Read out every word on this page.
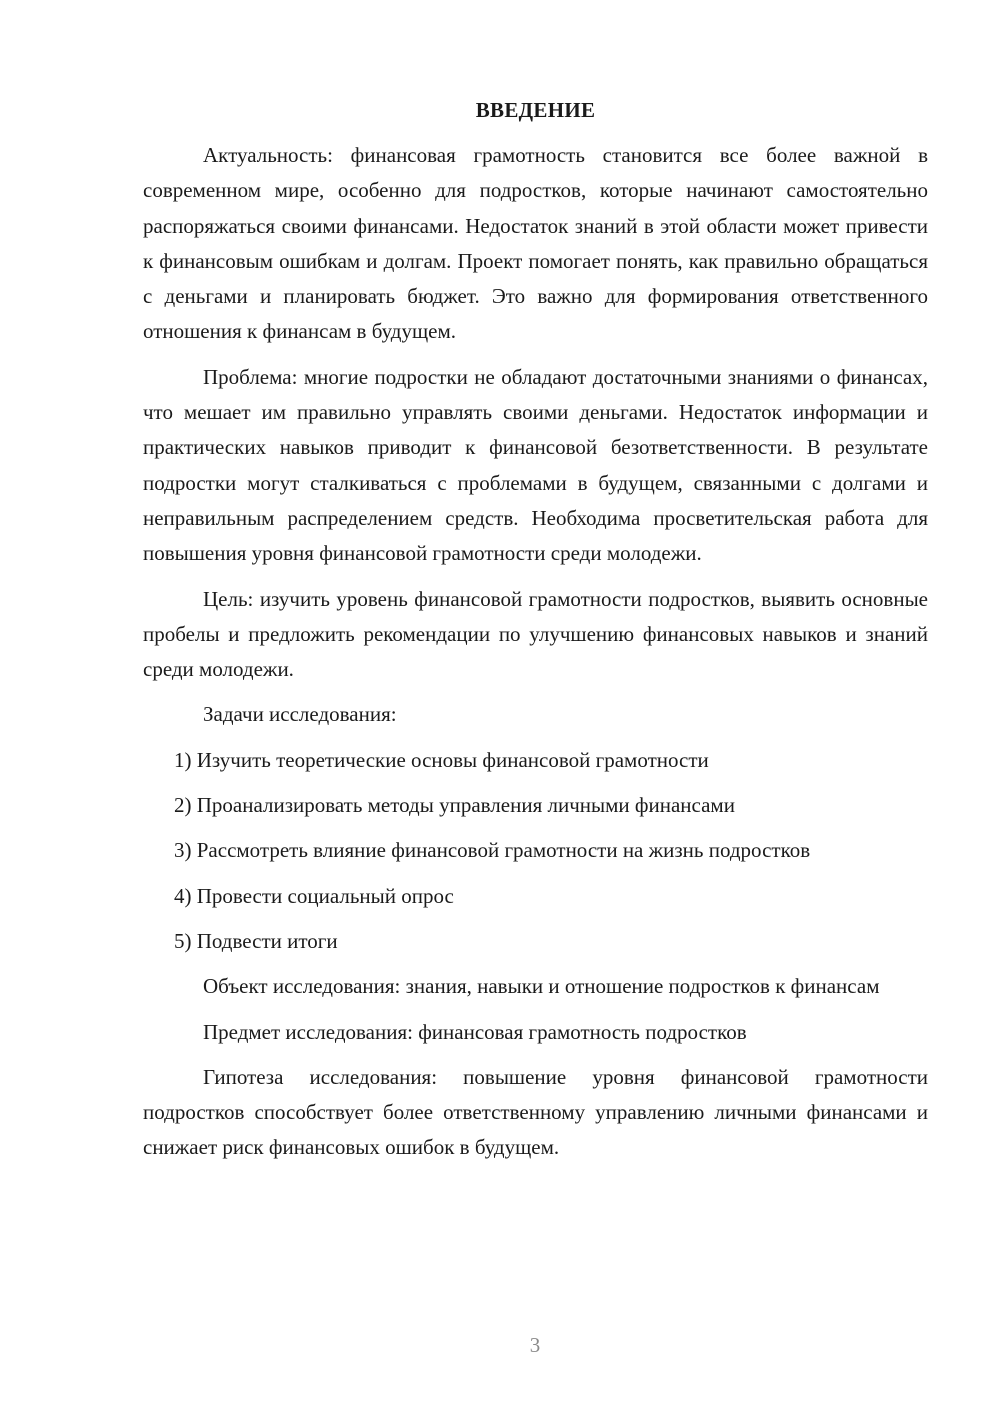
ВВЕДЕНИЕ

Актуальность: финансовая грамотность становится все более важной в современном мире, особенно для подростков, которые начинают самостоятельно распоряжаться своими финансами. Недостаток знаний в этой области может привести к финансовым ошибкам и долгам. Проект помогает понять, как правильно обращаться с деньгами и планировать бюджет. Это важно для формирования ответственного отношения к финансам в будущем.

Проблема: многие подростки не обладают достаточными знаниями о финансах, что мешает им правильно управлять своими деньгами. Недостаток информации и практических навыков приводит к финансовой безответственности. В результате подростки могут сталкиваться с проблемами в будущем, связанными с долгами и неправильным распределением средств. Необходима просветительская работа для повышения уровня финансовой грамотности среди молодежи.

Цель: изучить уровень финансовой грамотности подростков, выявить основные пробелы и предложить рекомендации по улучшению финансовых навыков и знаний среди молодежи.

Задачи исследования:

1) Изучить теоретические основы финансовой грамотности

2) Проанализировать методы управления личными финансами

3) Рассмотреть влияние финансовой грамотности на жизнь подростков

4) Провести социальный опрос

5) Подвести итоги

Объект исследования: знания, навыки и отношение подростков к финансам

Предмет исследования: финансовая грамотность подростков

Гипотеза исследования: повышение уровня финансовой грамотности подростков способствует более ответственному управлению личными финансами и снижает риск финансовых ошибок в будущем.

3
